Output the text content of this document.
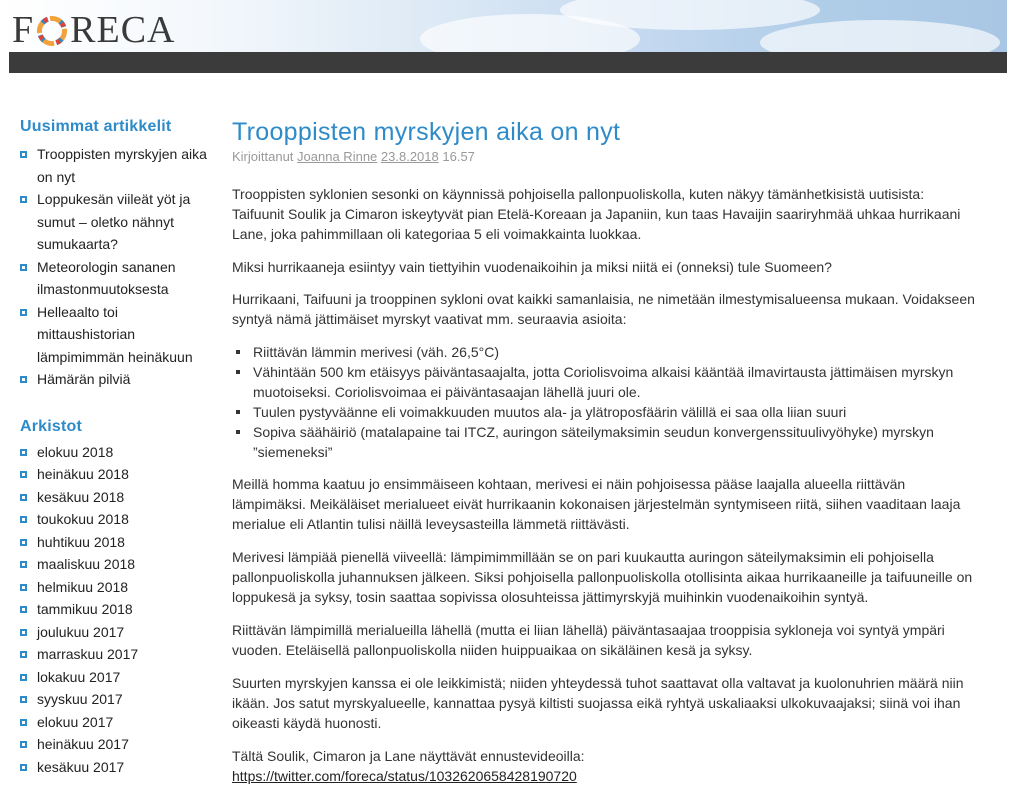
F RECA
Uusimmat artikkelit
Trooppisten myrskyjen aika on nyt
Loppukesän viileät yöt ja sumut – oletko nähnyt sumukaarta?
Meteorologin sananen ilmastonmuutoksesta
Helleaalto toi mittaushistorian lämpimimmän heinäkuun
Hämärän pilviä
Arkistot
elokuu 2018
heinäkuu 2018
kesäkuu 2018
toukokuu 2018
huhtikuu 2018
maaliskuu 2018
helmikuu 2018
tammikuu 2018
joulukuu 2017
marraskuu 2017
lokakuu 2017
syyskuu 2017
elokuu 2017
heinäkuu 2017
kesäkuu 2017
Trooppisten myrskyjen aika on nyt
Kirjoittanut Joanna Rinne 23.8.2018 16.57

Trooppisten syklonien sesonki on käynnissä pohjoisella pallonpuoliskolla, kuten näkyy tämänhetkisistä uutisista: Taifuunit Soulik ja Cimaron iskeytyvät pian Etelä-Koreaan ja Japaniin, kun taas Havaijin saariryhmää uhkaa hurrikaani Lane, joka pahimmillaan oli kategoriaa 5 eli voimakkainta luokkaa.

Miksi hurrikaaneja esiintyy vain tiettyihin vuodenaikoihin ja miksi niitä ei (onneksi) tule Suomeen?

Hurrikaani, Taifuuni ja trooppinen sykloni ovat kaikki samanlaisia, ne nimetään ilmestymisalueensa mukaan. Voidakseen syntyä nämä jättimäiset myrskyt vaativat mm. seuraavia asioita:

Riittävän lämmin merivesi (väh. 26,5°C)
Vähintään 500 km etäisyys päiväntasaajalta, jotta Coriolisvoima alkaisi kääntää ilmavirtausta jättimäisen myrskyn muotoiseksi. Coriolisvoimaa ei päiväntasaajan lähellä juuri ole.
Tuulen pystyväänne eli voimakkuuden muutos ala- ja ylätroposfäärin välillä ei saa olla liian suuri
Sopiva säähäiriö (matalapaine tai ITCZ, auringon säteilymaksimin seudun konvergenssituulivyöhyke) myrskyn ”siemeneksi”

Meillä homma kaatuu jo ensimmäiseen kohtaan, merivesi ei näin pohjoisessa pääse laajalla alueella riittävän lämpimäksi. Meikäläiset merialueet eivät hurrikaanin kokonaisen järjestelmän syntymiseen riitä, siihen vaaditaan laaja merialue eli Atlantin tulisi näillä leveysasteilla lämmetä riittävästi.

Merivesi lämpiää pienellä viiveellä: lämpimimmillään se on pari kuukautta auringon säteilymaksimin eli pohjoisella pallonpuoliskolla juhannuksen jälkeen. Siksi pohjoisella pallonpuoliskolla otollisinta aikaa hurrikaaneille ja taifuuneille on loppukesä ja syksy, tosin saattaa sopivissa olosuhteissa jättimyrskyjä muihinkin vuodenaikoihin syntyä.

Riittävän lämpimillä merialueilla lähellä (mutta ei liian lähellä) päiväntasaajaa trooppisia sykloneja voi syntyä ympäri vuoden. Eteläisellä pallonpuoliskolla niiden huippuaikaa on sikäläinen kesä ja syksy.

Suurten myrskyjen kanssa ei ole leikkimistä; niiden yhteydessä tuhot saattavat olla valtavat ja kuolonuhrien määrä niin ikään. Jos satut myrskyalueelle, kannattaa pysyä kiltisti suojassa eikä ryhtyä uskaliaaksi ulkokuvaajaksi; siinä voi ihan oikeasti käydä huonosti.

Tältä Soulik, Cimaron ja Lane näyttävät ennustevideoilla:
https://twitter.com/foreca/status/1032620658428190720
